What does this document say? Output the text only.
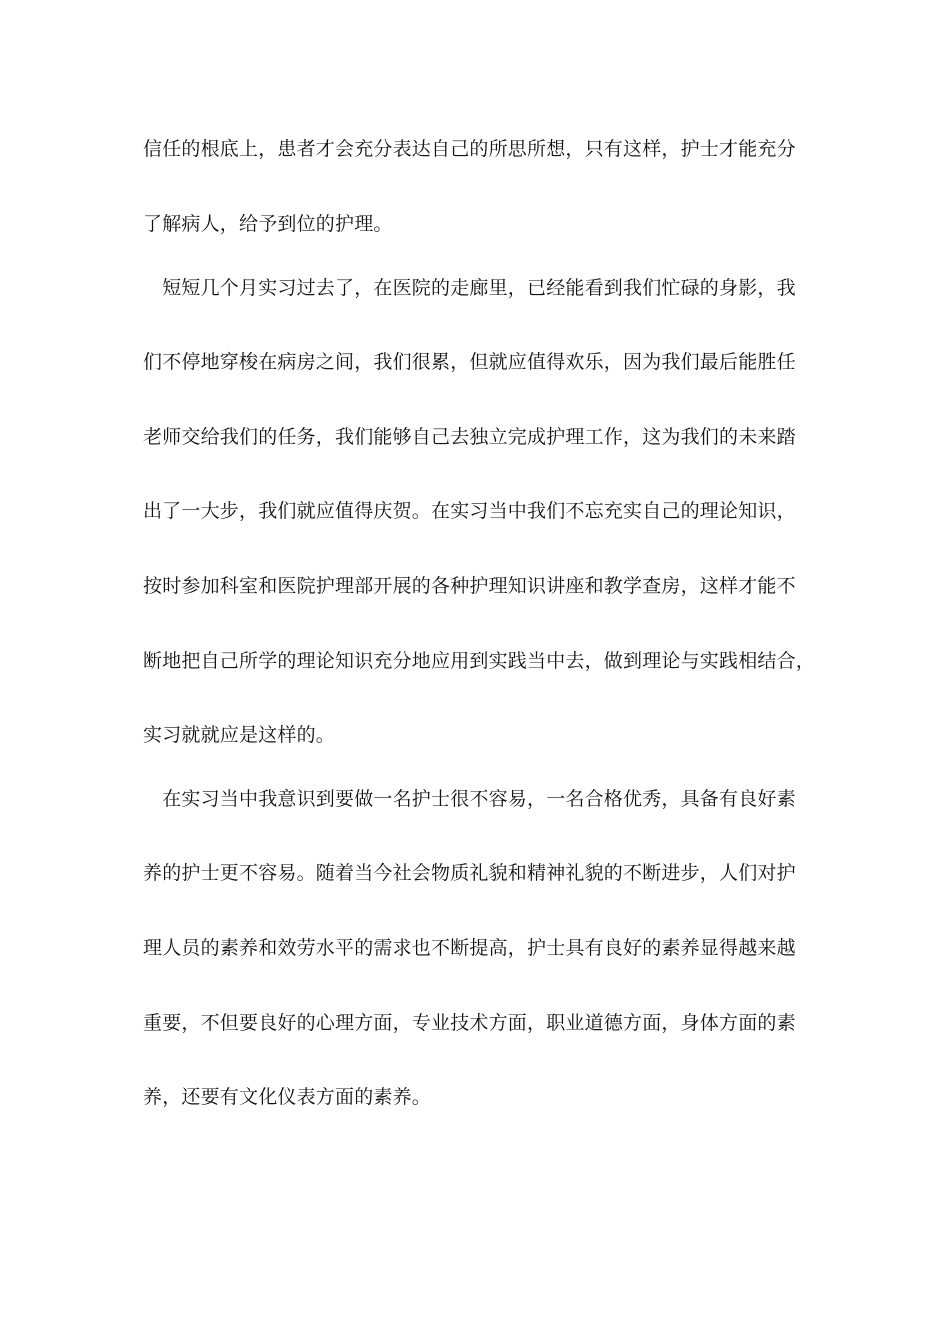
信任的根底上，患者才会充分表达自己的所思所想，只有这样，护士才能充分
了解病人，给予到位的护理。
　短短几个月实习过去了，在医院的走廊里，已经能看到我们忙碌的身影，我
们不停地穿梭在病房之间，我们很累，但就应值得欢乐，因为我们最后能胜任
老师交给我们的任务，我们能够自己去独立完成护理工作，这为我们的未来踏
出了一大步，我们就应值得庆贺。在实习当中我们不忘充实自己的理论知识，
按时参加科室和医院护理部开展的各种护理知识讲座和教学查房，这样才能不
断地把自己所学的理论知识充分地应用到实践当中去，做到理论与实践相结合，
实习就就应是这样的。
　在实习当中我意识到要做一名护士很不容易，一名合格优秀，具备有良好素
养的护士更不容易。随着当今社会物质礼貌和精神礼貌的不断进步，人们对护
理人员的素养和效劳水平的需求也不断提高，护士具有良好的素养显得越来越
重要，不但要良好的心理方面，专业技术方面，职业道德方面，身体方面的素
养，还要有文化仪表方面的素养。
